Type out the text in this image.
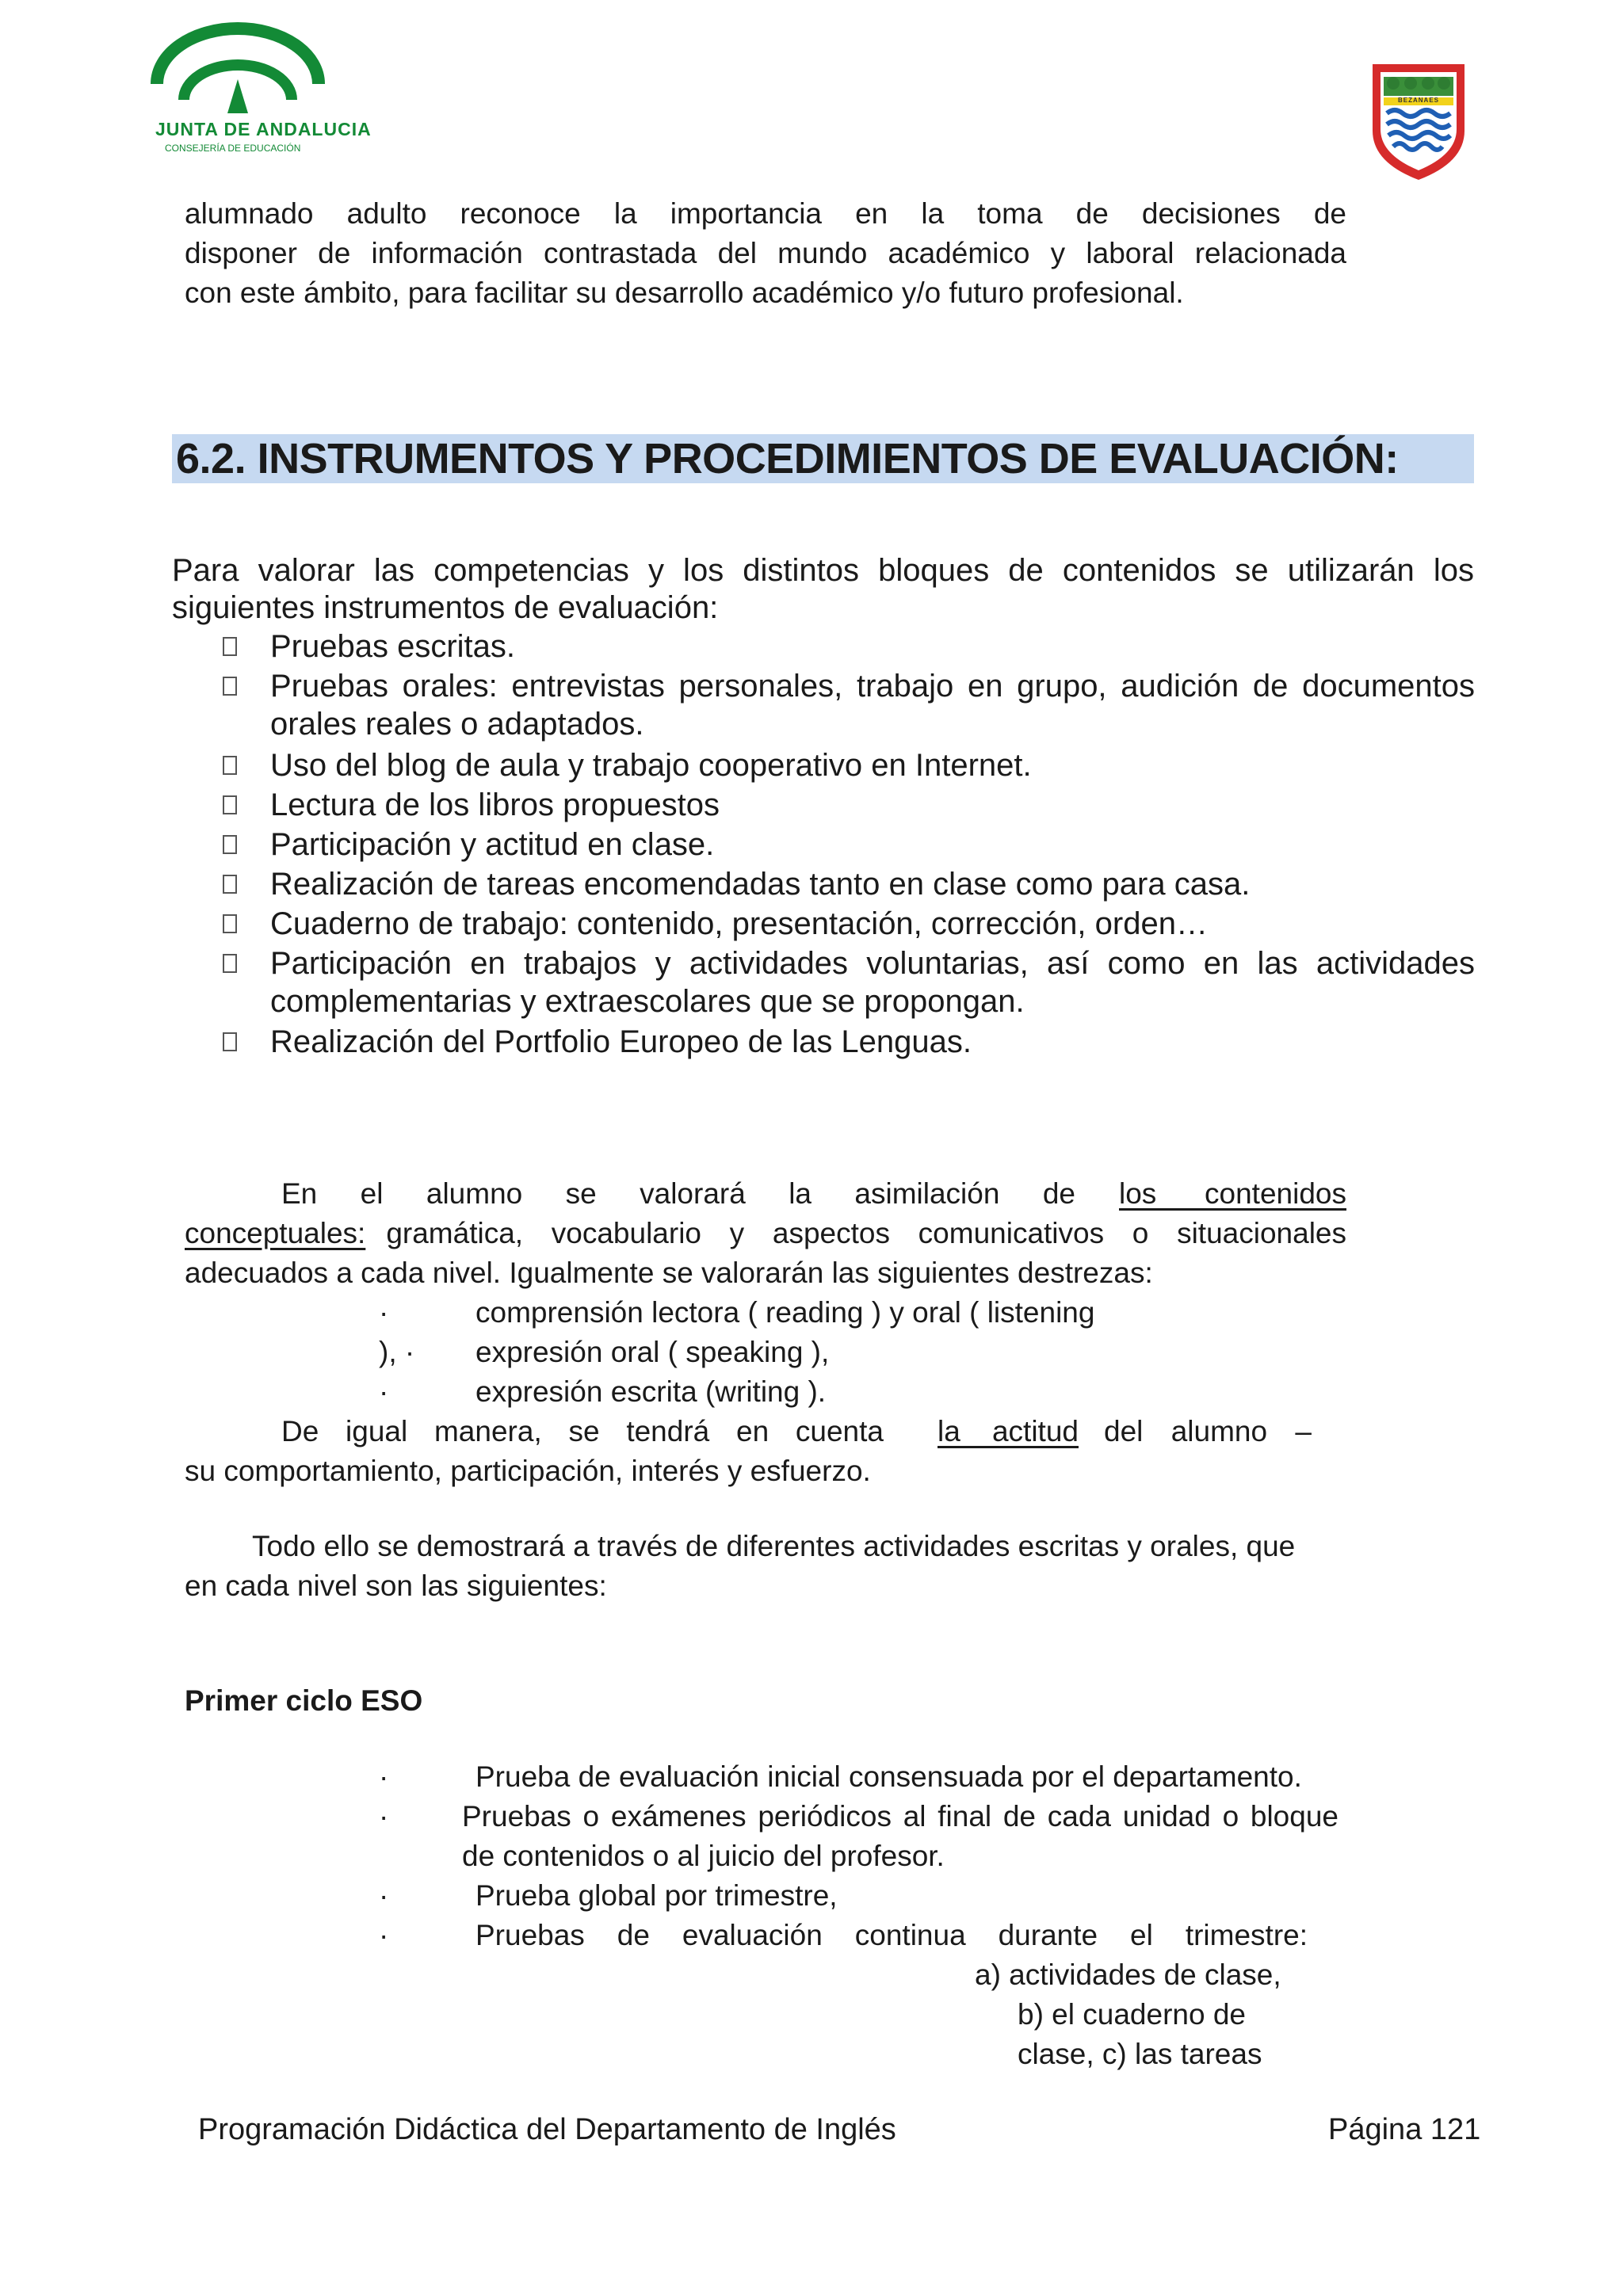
JUNTA DE ANDALUCIA
CONSEJERÍA DE EDUCACIÓN
BEZANAES
alumnado adulto reconoce la importancia en la toma de decisiones de
disponer de información contrastada del mundo académico y laboral relacionada
con este ámbito, para facilitar su desarrollo académico y/o futuro profesional.
6.2. INSTRUMENTOS Y PROCEDIMIENTOS DE EVALUACIÓN:
Para valorar las competencias y los distintos bloques de contenidos se utilizarán los
siguientes instrumentos de evaluación:
Pruebas escritas.
Pruebas orales: entrevistas personales, trabajo en grupo, audición de documentos
orales reales o adaptados.
Uso del blog de aula y trabajo cooperativo en Internet.
Lectura de los libros propuestos
Participación y actitud en clase.
Realización de tareas encomendadas tanto en clase como para casa.
Cuaderno de trabajo: contenido, presentación, corrección, orden…
Participación en trabajos y actividades voluntarias, así como en las actividades
complementarias y extraescolares que se propongan.
Realización del Portfolio Europeo de las Lenguas.
En el alumno se valorará la asimilación de los contenidos
conceptuales: gramática, vocabulario y aspectos comunicativos o situacionales
adecuados a cada nivel. Igualmente se valorarán las siguientes destrezas:
·	comprensión lectora ( reading ) y oral ( listening
), · expresión oral ( speaking ),
·	expresión escrita (writing ).
De igual manera, se tendrá en cuenta la actitud del alumno –
su comportamiento, participación, interés y esfuerzo.
Todo ello se demostrará a través de diferentes actividades escritas y orales, que
en cada nivel son las siguientes:
Primer ciclo ESO
·	Prueba de evaluación inicial consensuada por el departamento.
·	Pruebas o exámenes periódicos al final de cada unidad o bloque
de contenidos o al juicio del profesor.
·	Prueba global por trimestre,
·	Pruebas de evaluación continua durante el trimestre:
a) actividades de clase,
b) el cuaderno de
clase, c) las tareas
Programación Didáctica del Departamento de Inglés	Página 121
